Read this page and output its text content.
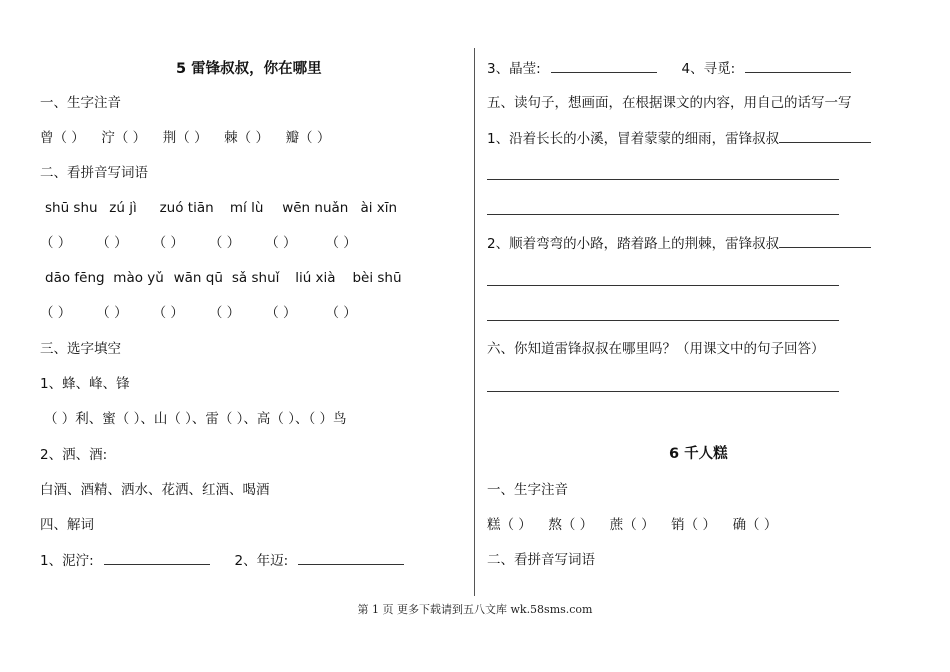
5 雷锋叔叔，你在哪里
一、生字注音
曾（ ） 泞（ ） 荆（ ） 棘（ ） 瓣（ ）
二、看拼音写词语
shū shu zú jì zuó tiān mí lù wēn nuǎn ài xīn
（ ） （ ） （ ） （ ） （ ） （ ）
dāo fēng mào yǔ wān qū sǎ shuǐ liú xià bèi shū
（ ） （ ） （ ） （ ） （ ） （ ）
三、选字填空
1、蜂、峰、锋
（ ）利、蜜（ ）、山（ ）、雷（ ）、高（ ）、（ ）鸟
2、洒、酒:
白酒、酒精、洒水、花洒、红酒、喝酒
四、解词
1、泥泞:	2、年迈:
3、晶莹:	4、寻觅:
五、读句子，想画面，在根据课文的内容，用自己的话写一写
1、沿着长长的小溪，冒着蒙蒙的细雨，雷锋叔叔
2、顺着弯弯的小路，踏着路上的荆棘，雷锋叔叔
六、你知道雷锋叔叔在哪里吗？（用课文中的句子回答）
6 千人糕
一、生字注音
糕（ ） 熬（ ） 蔗（ ） 销（ ） 确（ ）
二、看拼音写词语
第 1 页 更多下载请到五八文库 wk.58sms.com
